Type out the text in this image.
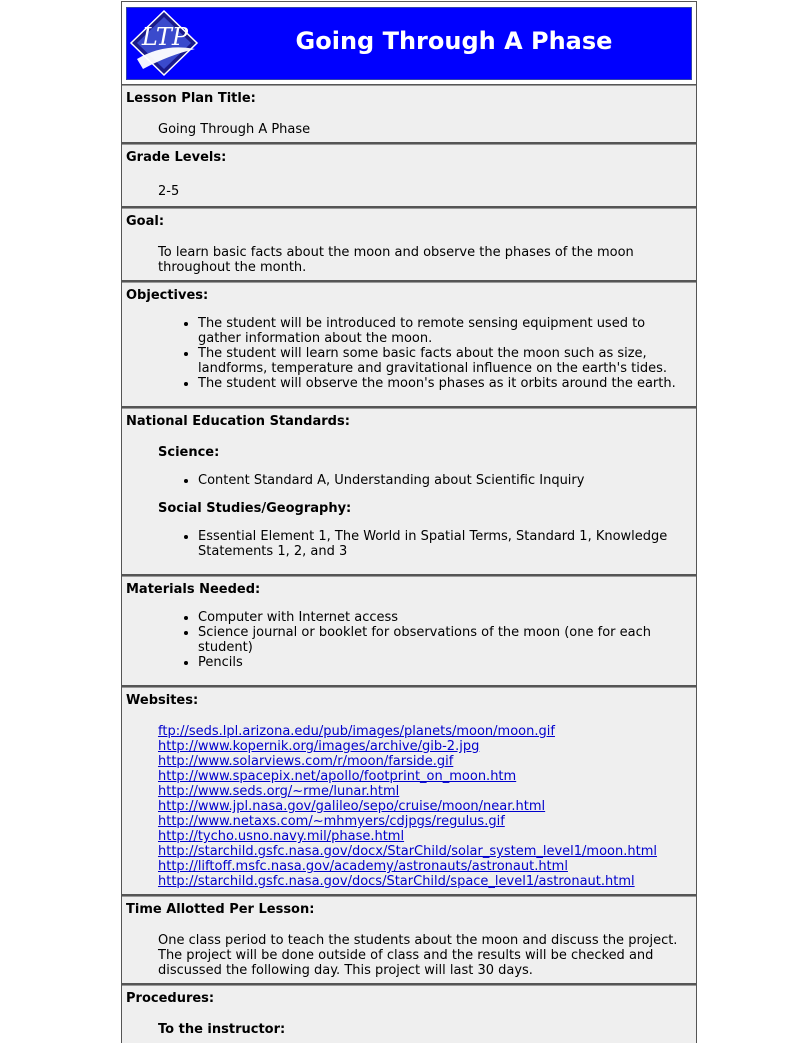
LTP	Going Through A Phase

Lesson Plan Title:

Going Through A Phase

Grade Levels:

2-5

Goal:

To learn basic facts about the moon and observe the phases of the moon throughout the month.

Objectives:

• The student will be introduced to remote sensing equipment used to gather information about the moon.
• The student will learn some basic facts about the moon such as size, landforms, temperature and gravitational influence on the earth's tides.
• The student will observe the moon's phases as it orbits around the earth.

National Education Standards:

Science:

• Content Standard A, Understanding about Scientific Inquiry

Social Studies/Geography:

• Essential Element 1, The World in Spatial Terms, Standard 1, Knowledge Statements 1, 2, and 3

Materials Needed:

• Computer with Internet access
• Science journal or booklet for observations of the moon (one for each student)
• Pencils

Websites:

ftp://seds.lpl.arizona.edu/pub/images/planets/moon/moon.gif
http://www.kopernik.org/images/archive/gib-2.jpg
http://www.solarviews.com/r/moon/farside.gif
http://www.spacepix.net/apollo/footprint_on_moon.htm
http://www.seds.org/~rme/lunar.html
http://www.jpl.nasa.gov/galileo/sepo/cruise/moon/near.html
http://www.netaxs.com/~mhmyers/cdjpgs/regulus.gif
http://tycho.usno.navy.mil/phase.html
http://starchild.gsfc.nasa.gov/docx/StarChild/solar_system_level1/moon.html
http://liftoff.msfc.nasa.gov/academy/astronauts/astronaut.html
http://starchild.gsfc.nasa.gov/docs/StarChild/space_level1/astronaut.html

Time Allotted Per Lesson:

One class period to teach the students about the moon and discuss the project. The project will be done outside of class and the results will be checked and discussed the following day. This project will last 30 days.

Procedures:

To the instructor:
